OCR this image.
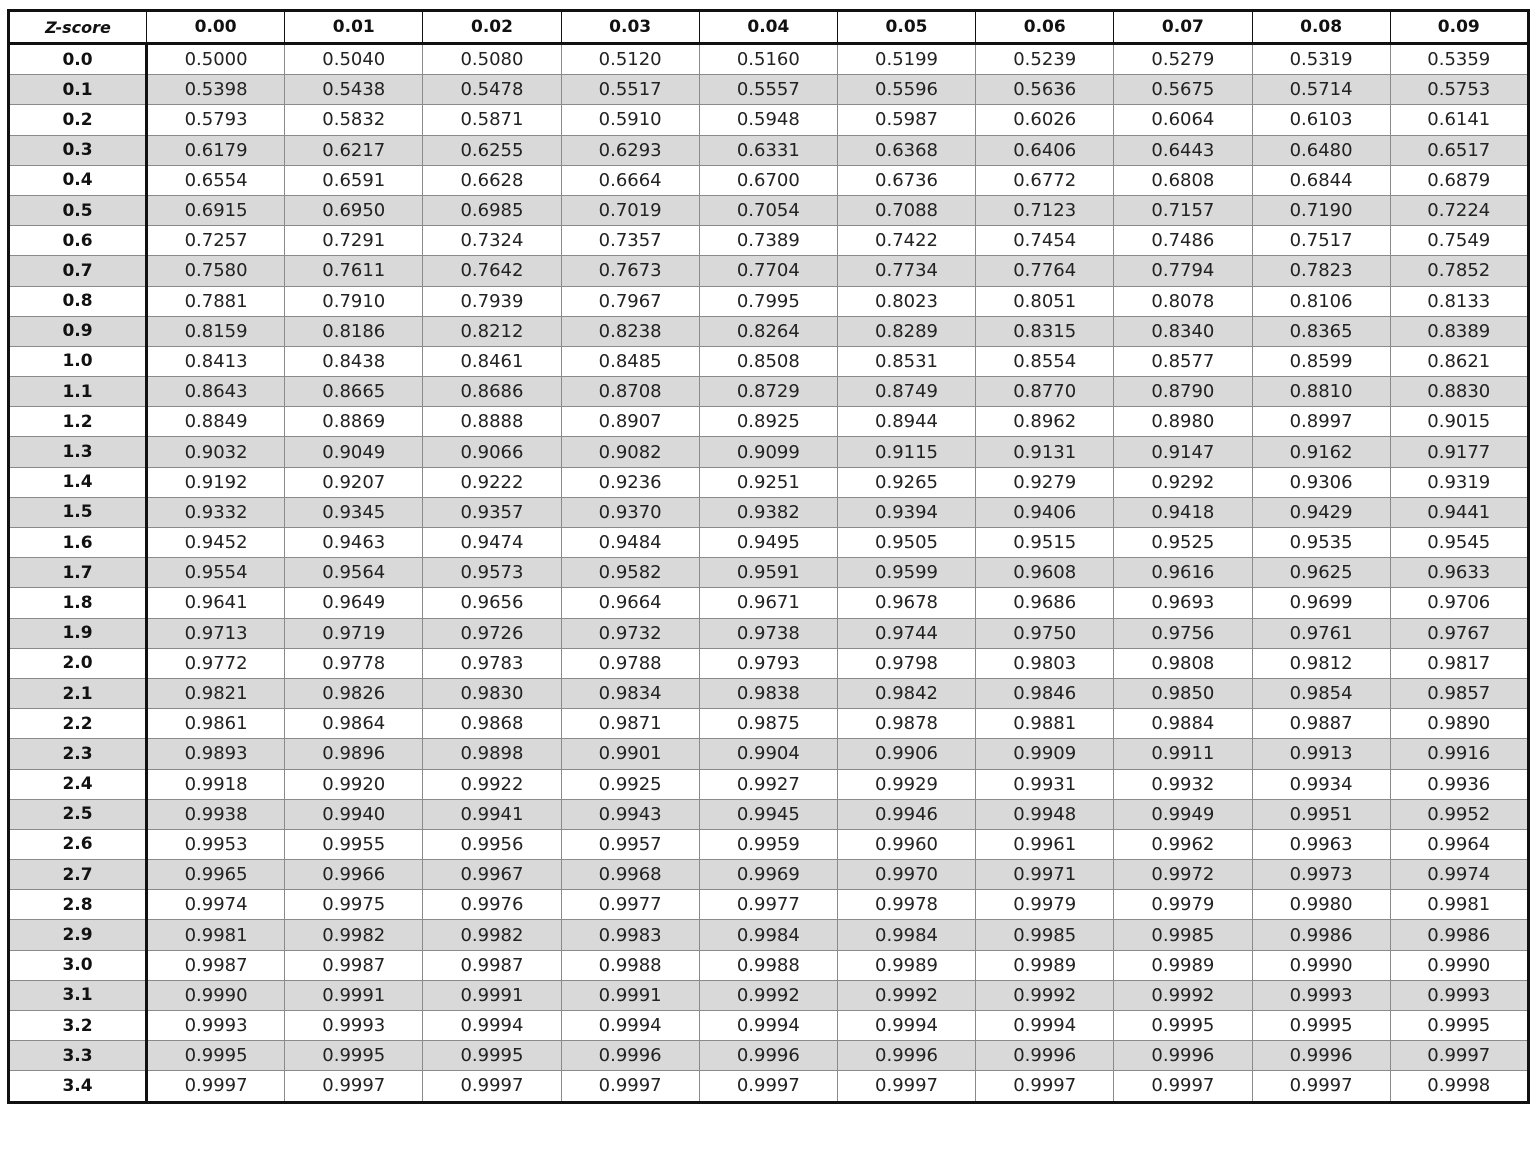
Z-score	0.00	0.01	0.02	0.03	0.04	0.05	0.06	0.07	0.08	0.09
0.0	0.5000	0.5040	0.5080	0.5120	0.5160	0.5199	0.5239	0.5279	0.5319	0.5359
0.1	0.5398	0.5438	0.5478	0.5517	0.5557	0.5596	0.5636	0.5675	0.5714	0.5753
0.2	0.5793	0.5832	0.5871	0.5910	0.5948	0.5987	0.6026	0.6064	0.6103	0.6141
0.3	0.6179	0.6217	0.6255	0.6293	0.6331	0.6368	0.6406	0.6443	0.6480	0.6517
0.4	0.6554	0.6591	0.6628	0.6664	0.6700	0.6736	0.6772	0.6808	0.6844	0.6879
0.5	0.6915	0.6950	0.6985	0.7019	0.7054	0.7088	0.7123	0.7157	0.7190	0.7224
0.6	0.7257	0.7291	0.7324	0.7357	0.7389	0.7422	0.7454	0.7486	0.7517	0.7549
0.7	0.7580	0.7611	0.7642	0.7673	0.7704	0.7734	0.7764	0.7794	0.7823	0.7852
0.8	0.7881	0.7910	0.7939	0.7967	0.7995	0.8023	0.8051	0.8078	0.8106	0.8133
0.9	0.8159	0.8186	0.8212	0.8238	0.8264	0.8289	0.8315	0.8340	0.8365	0.8389
1.0	0.8413	0.8438	0.8461	0.8485	0.8508	0.8531	0.8554	0.8577	0.8599	0.8621
1.1	0.8643	0.8665	0.8686	0.8708	0.8729	0.8749	0.8770	0.8790	0.8810	0.8830
1.2	0.8849	0.8869	0.8888	0.8907	0.8925	0.8944	0.8962	0.8980	0.8997	0.9015
1.3	0.9032	0.9049	0.9066	0.9082	0.9099	0.9115	0.9131	0.9147	0.9162	0.9177
1.4	0.9192	0.9207	0.9222	0.9236	0.9251	0.9265	0.9279	0.9292	0.9306	0.9319
1.5	0.9332	0.9345	0.9357	0.9370	0.9382	0.9394	0.9406	0.9418	0.9429	0.9441
1.6	0.9452	0.9463	0.9474	0.9484	0.9495	0.9505	0.9515	0.9525	0.9535	0.9545
1.7	0.9554	0.9564	0.9573	0.9582	0.9591	0.9599	0.9608	0.9616	0.9625	0.9633
1.8	0.9641	0.9649	0.9656	0.9664	0.9671	0.9678	0.9686	0.9693	0.9699	0.9706
1.9	0.9713	0.9719	0.9726	0.9732	0.9738	0.9744	0.9750	0.9756	0.9761	0.9767
2.0	0.9772	0.9778	0.9783	0.9788	0.9793	0.9798	0.9803	0.9808	0.9812	0.9817
2.1	0.9821	0.9826	0.9830	0.9834	0.9838	0.9842	0.9846	0.9850	0.9854	0.9857
2.2	0.9861	0.9864	0.9868	0.9871	0.9875	0.9878	0.9881	0.9884	0.9887	0.9890
2.3	0.9893	0.9896	0.9898	0.9901	0.9904	0.9906	0.9909	0.9911	0.9913	0.9916
2.4	0.9918	0.9920	0.9922	0.9925	0.9927	0.9929	0.9931	0.9932	0.9934	0.9936
2.5	0.9938	0.9940	0.9941	0.9943	0.9945	0.9946	0.9948	0.9949	0.9951	0.9952
2.6	0.9953	0.9955	0.9956	0.9957	0.9959	0.9960	0.9961	0.9962	0.9963	0.9964
2.7	0.9965	0.9966	0.9967	0.9968	0.9969	0.9970	0.9971	0.9972	0.9973	0.9974
2.8	0.9974	0.9975	0.9976	0.9977	0.9977	0.9978	0.9979	0.9979	0.9980	0.9981
2.9	0.9981	0.9982	0.9982	0.9983	0.9984	0.9984	0.9985	0.9985	0.9986	0.9986
3.0	0.9987	0.9987	0.9987	0.9988	0.9988	0.9989	0.9989	0.9989	0.9990	0.9990
3.1	0.9990	0.9991	0.9991	0.9991	0.9992	0.9992	0.9992	0.9992	0.9993	0.9993
3.2	0.9993	0.9993	0.9994	0.9994	0.9994	0.9994	0.9994	0.9995	0.9995	0.9995
3.3	0.9995	0.9995	0.9995	0.9996	0.9996	0.9996	0.9996	0.9996	0.9996	0.9997
3.4	0.9997	0.9997	0.9997	0.9997	0.9997	0.9997	0.9997	0.9997	0.9997	0.9998
